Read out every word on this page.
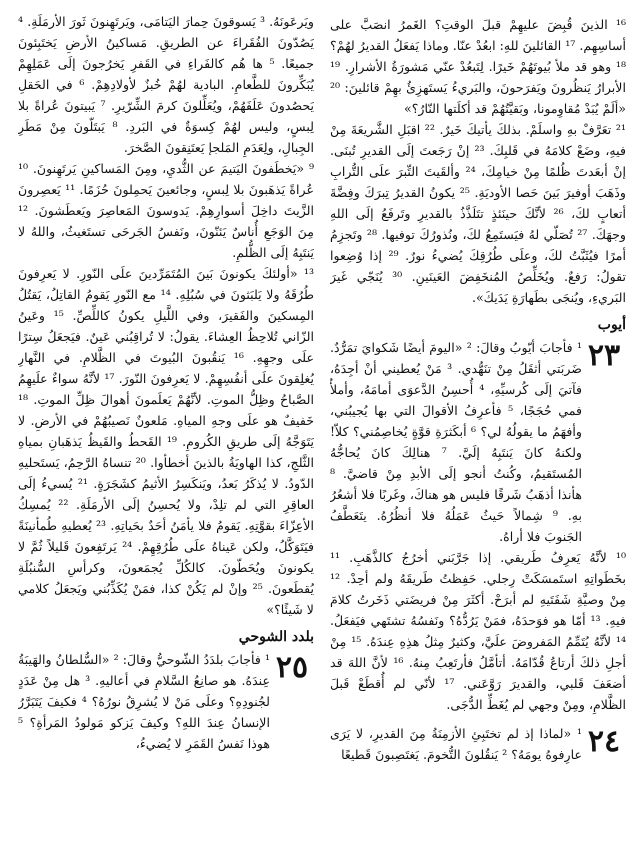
¹⁶ الذينَ قُبِضَ عليهِمْ قبلَ الوقتِ؟ الغَمرُ انصَبَّ على أساسِهِم. ¹⁷ القائلينَ للهِ: ابعُدْ عنّا. وماذا يَفعَلُ القديرُ لهُمْ؟

¹⁸ وهو قد ملأ بُيوتَهُمْ خَيرًا. لِتَبعُدْ عنّي مَشورَةُ الأشرارِ. ¹⁹ الأبرارُ يَنظُرونَ ويَفرَحونَ، والبَريءُ يَستَهزِئُ بهِمْ قائلينَ: ²⁰ «ألَمْ يُبَدْ مُقاوِمونا، وبَقيَّتُهُمْ قد أكلَتها النّارُ؟»

²¹ تعَرَّفْ بهِ واسلَمْ. بذلكَ يأتيكَ خَيرٌ. ²² اقبَلِ الشَّريعَةَ مِنْ فيهِ، وضَعْ كلامَهُ في قَلبِكَ. ²³ إنْ رَجَعتَ إلَى القديرِ تُبنَى. إنْ أبعَدتَ ظُلمًا مِنْ خيامِكَ، ²⁴ وألقَيتَ التِّبرَ علَى التُّرابِ وذَهَبَ أوفيرَ بَينَ حَصا الأوديَةِ. ²⁵ يكونُ القديرُ تِبرَكَ وفِضَّةَ أتعابٍ لكَ، ²⁶ لأنَّكَ حينَئذٍ تتَلَذَّذُ بالقديرِ وتَرفَعُ إلَى اللهِ وجهَكَ. ²⁷ تُصَلّي لهُ فيَستَمِعُ لكَ، ونُذورُكَ توفيها. ²⁸ وتَجزِمُ أمرًا فيُثَبَّتُ لكَ، وعلَى طُرُقِكَ يُضيءُ نورٌ. ²⁹ إذا وُضِعوا تقولُ: رَفعٌ. ويُخَلِّصُ المُنخَفِضَ العَينَينِ. ³⁰ يُنَجّي غَيرَ البَريءِ، ويُنجَى بطَهارَةِ يَدَيكَ».

أيوب
٢٣

¹ فأجابَ أيّوبُ وقالَ: ² «اليومَ أيضًا شَكوايَ تمَرُّدٌ. ضَربَتي أثقَلُ مِنْ تنَهُّدي. ³ مَنْ يُعطيني أنْ أجِدَهُ، فآتيَ إلَى كُرسيِّهِ، ⁴ أُحسِنُ الدَّعوَى أمامَهُ، وأملأُ فمي حُجَجًا، ⁵ فأعرِفُ الأقوالَ التي بها يُجيبُني، وأفهَمُ ما يقولُهُ لي؟ ⁶ أبكَثرَةِ قوَّةٍ يُخاصِمُني؟ كلاّ! ولكنهُ كانَ يَنتَبِهُ إلَيَّ. ⁷ هنالِكَ كانَ يُحاجُّهُ المُستَقيمُ، وكُنتُ أنجو إلَى الأبدِ مِنْ قاضيَّ. ⁸ هأنذا أذهَبُ شَرقًا فليس هو هناكَ، وغَربًا فلا أشعُرُ بهِ. ⁹ شِمالاً حَيثُ عَمَلُهُ فلا أنظُرُهُ. يتَعَطَّفُ الجَنوبَ فلا أراهُ.

¹⁰ لأنَّهُ يَعرِفُ طَريقي. إذا جَرَّبَني أخرُجُ كالذَّهَبِ. ¹¹ بخَطَواتِهِ استَمسَكَتْ رِجلي. حَفِظتُ طَريقَهُ ولم أحِدْ. ¹² مِنْ وصيَّةِ شَفَتَيهِ لم أبرَحْ. أكثَرَ مِنْ فريضَتي ذَخَرتُ كلامَ فيهِ. ¹³ أمّا هو فوَحدَهُ، فمَنْ يَرُدُّهُ؟ ونَفسُهُ تشتَهي فيَفعَلُ. ¹⁴ لأنَّهُ يُتَمِّمُ المَفروضَ علَيَّ، وكثيرٌ مِثلُ هذِهِ عِندَهُ. ¹⁵ مِنْ أجلِ ذلكَ أرتاعُ قُدّامَهُ. أتأمَّلُ فأرتَعِبُ مِنهُ. ¹⁶ لأنَّ اللهَ قد أضعَفَ قَلبي، والقديرَ رَوَّعَني. ¹⁷ لأنّي لم أُقطَعْ قَبلَ الظَّلامِ، ومِنْ وجهي لم يُغَطِّ الدُّجَى.

٢٤

¹ «لماذا إذ لم تختَبِئِ الأزمِنَةُ مِنَ القديرِ، لا يَرَى عارِفوهُ يومَهُ؟ ² يَنقُلونَ التُّخومَ. يَغتَصِبونَ قَطيعًا

ويَرعَونَهُ. ³ يَسوقونَ حِمارَ اليَتامَى، ويَرتَهِنونَ ثَورَ الأرمَلَةِ. ⁴ يَصُدّونَ الفُقَراءَ عن الطريقِ. مَساكينُ الأرضِ يَختَبِئونَ جميعًا. ⁵ ها هُم كالفَراءِ في القَفرِ يَخرُجونَ إلَى عَمَلِهِمْ يُبَكِّرونَ للطَّعامِ. البادية لهُمْ خُبزٌ لأولادِهِمْ. ⁶ في الحَقلِ يَحصُدونَ عَلَفَهُمْ، ويُعَلِّلونَ كرمَ الشِّرّيرِ. ⁷ يَبيتونَ عُراةً بلا لِبسٍ، وليس لهُمْ كِسوَةٌ في البَردِ. ⁸ يَبتَلّونَ مِنْ مَطَرِ الجِبالِ، ولِعَدَمِ المَلجإ يَعتَنِقونَ الصَّخرَ.

⁹ «يَخطَفونَ اليَتيمَ عن الثُّديِ، ومِنَ المَساكينِ يَرتَهِنونَ. ¹⁰ عُراةً يَذهَبونَ بلا لِبسٍ، وجائعينَ يَحمِلونَ حُزَمًا. ¹¹ يَعصِرونَ الزَّيتَ داخِلَ أسوارِهِمْ. يَدوسونَ المَعاصِرَ ويَعطَشونَ. ¹² مِنَ الوَجَعِ أُناسٌ يَئنّونَ، ونَفسُ الجَرحَى تستَغيثُ، واللهُ لا يَنتَبِهُ إلَى الظُّلمِ.

¹³ «أولئكَ يكونونَ بَينَ المُتَمَرِّدينَ علَى النّورِ. لا يَعرِفونَ طُرُقَهُ ولا يَلبَثونَ في سُبُلِهِ. ¹⁴ مع النّورِ يَقومُ القاتِلُ، يَقتُلُ المِسكينَ والفَقيرَ، وفي اللَّيلِ يكونُ كاللِّصِّ. ¹⁵ وعَينُ الزّاني تُلاحِظُ العِشاءَ. يقولُ: لا تُراقِبُني عَينٌ. فيَجعَلُ سِترًا علَى وجهِهِ. ¹⁶ يَنقُبونَ البُيوتَ في الظَّلامِ. في النَّهارِ يُغلِقونَ علَى أنفُسِهِمْ. لا يَعرِفونَ النّورَ. ¹⁷ لأنَّهُ سواءٌ علَيهِمُ الصَّباحُ وظِلُّ الموتِ. لأنَّهُمْ يَعلَمونَ أهوالَ ظِلِّ الموتِ. ¹⁸ خَفيفٌ هو علَى وجهِ المياهِ. مَلعونٌ نَصيبُهُمْ في الأرضِ. لا يَتَوَجَّهُ إلَى طريقِ الكُرومِ. ¹⁹ القَحطُ والقَيظُ يَذهَبانِ بمياهِ الثَّلجِ، كذا الهاويَةُ بالذينَ أخطأوا. ²⁰ تنساهُ الرَّحِمُ، يَستَحليهِ الدّودُ. لا يُذكَرُ بَعدُ، ويَنكَسِرُ الأثيمُ كشَجَرَةٍ. ²¹ يُسيءُ إلَى العاقِرِ التي لم تلِدْ، ولا يُحسِنُ إلَى الأرمَلَةِ. ²² يُمسِكُ الأعِزّاءَ بقوَّتِهِ. يَقومُ فلا يأمَنُ أحَدٌ بحَياتِهِ. ²³ يُعطيهِ طُمأنينَةً فيَتَوَكَّلُ، ولكن عَيناهُ علَى طُرُقِهِمْ. ²⁴ يَرتَفِعونَ قَليلاً ثُمَّ لا يكونونَ ويُحَطّونَ. كالكُلِّ يُجمَعونَ، وكرأسِ السُّنبُلَةِ يُقطَعونَ. ²⁵ وإنْ لم يَكُنْ كذا، فمَنْ يُكَذِّبُني ويَجعَلُ كلامي لا شَيئًا؟»

بلدد الشوحي
٢٥

¹ فأجابَ بلدَدُ الشّوحيُّ وقالَ: ² «السُّلطانُ والهَيبَةُ عِندَهُ. هو صانِعُ السَّلامِ في أعاليهِ. ³ هل مِنْ عَدَدٍ لجُنودِهِ؟ وعلَى مَنْ لا يُشرِقُ نورُهُ؟ ⁴ فكيفَ يَتَبَرَّرُ الإنسانُ عِندَ اللهِ؟ وكيفَ يَزكو مَولودُ المَرأةِ؟ ⁵ هوذا نَفسُ القَمَرِ لا يُضيءُ،
